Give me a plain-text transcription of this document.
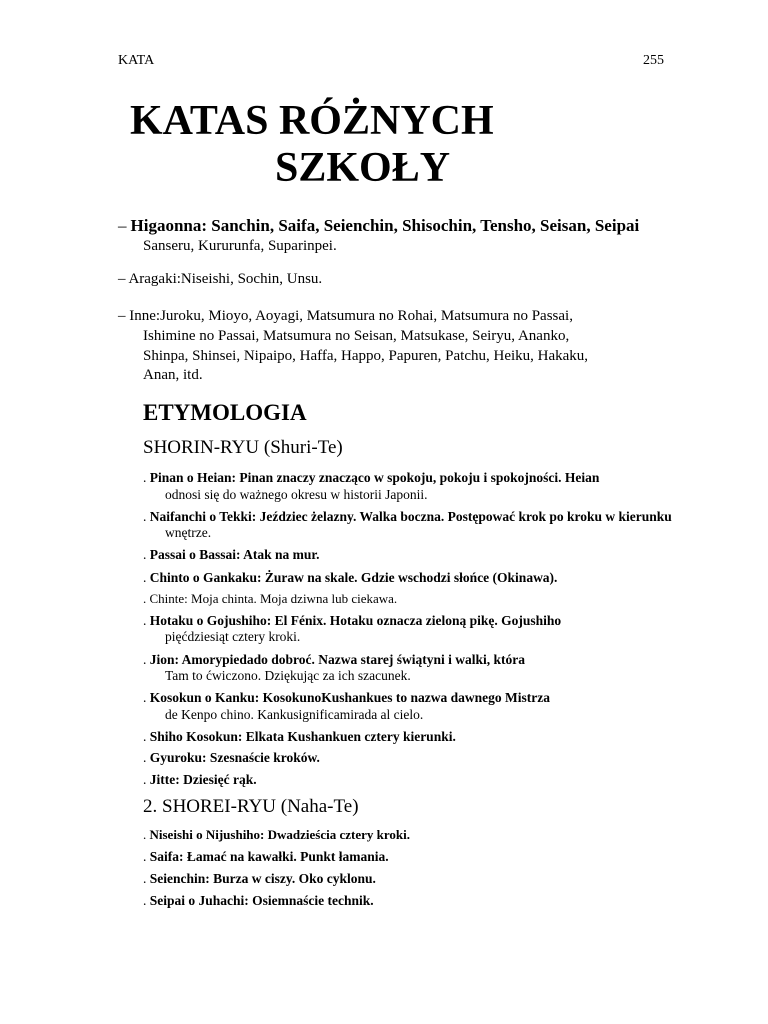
KATA	255
KATAS RÓŻNYCH
SZKOŁY
– Higaonna: Sanchin, Saifa, Seienchin, Shisochin, Tensho, Seisan, Seipai
Sanseru, Kururunfa, Suparinpei.
– Aragaki:Niseishi, Sochin, Unsu.
– Inne:Juroku, Mioyo, Aoyagi, Matsumura no Rohai, Matsumura no Passai,
Ishimine no Passai, Matsumura no Seisan, Matsukase, Seiryu, Ananko,
Shinpa, Shinsei, Nipaipo, Haffa, Happo, Papuren, Patchu, Heiku, Hakaku,
Anan, itd.
ETYMOLOGIA
SHORIN-RYU (Shuri-Te)
. Pinan o Heian: Pinan znaczy znacząco w spokoju, pokoju i spokojności. Heian
odnosi się do ważnego okresu w historii Japonii.
. Naifanchi o Tekki: Jeździec żelazny. Walka boczna. Postępować krok po kroku w kierunku
wnętrze.
. Passai o Bassai: Atak na mur.
. Chinto o Gankaku: Żuraw na skale. Gdzie wschodzi słońce (Okinawa).
. Chinte: Moja chinta. Moja dziwna lub ciekawa.
. Hotaku o Gojushiho: El Fénix. Hotaku oznacza zieloną pikę. Gojushiho
pięćdziesiąt cztery kroki.
. Jion: Amorypiedado dobroć. Nazwa starej świątyni i walki, która
Tam to ćwiczono. Dziękując za ich szacunek.
. Kosokun o Kanku: KosokunoKushankues to nazwa dawnego Mistrza
de Kenpo chino. Kankusignificamirada al cielo.
. Shiho Kosokun: Elkata Kushankuen cztery kierunki.
. Gyuroku: Szesnaście kroków.
. Jitte: Dziesięć rąk.
2. SHOREI-RYU (Naha-Te)
. Niseishi o Nijushiho: Dwadzieścia cztery kroki.
. Saifa: Łamać na kawałki. Punkt łamania.
. Seienchin: Burza w ciszy. Oko cyklonu.
. Seipai o Juhachi: Osiemnaście technik.
